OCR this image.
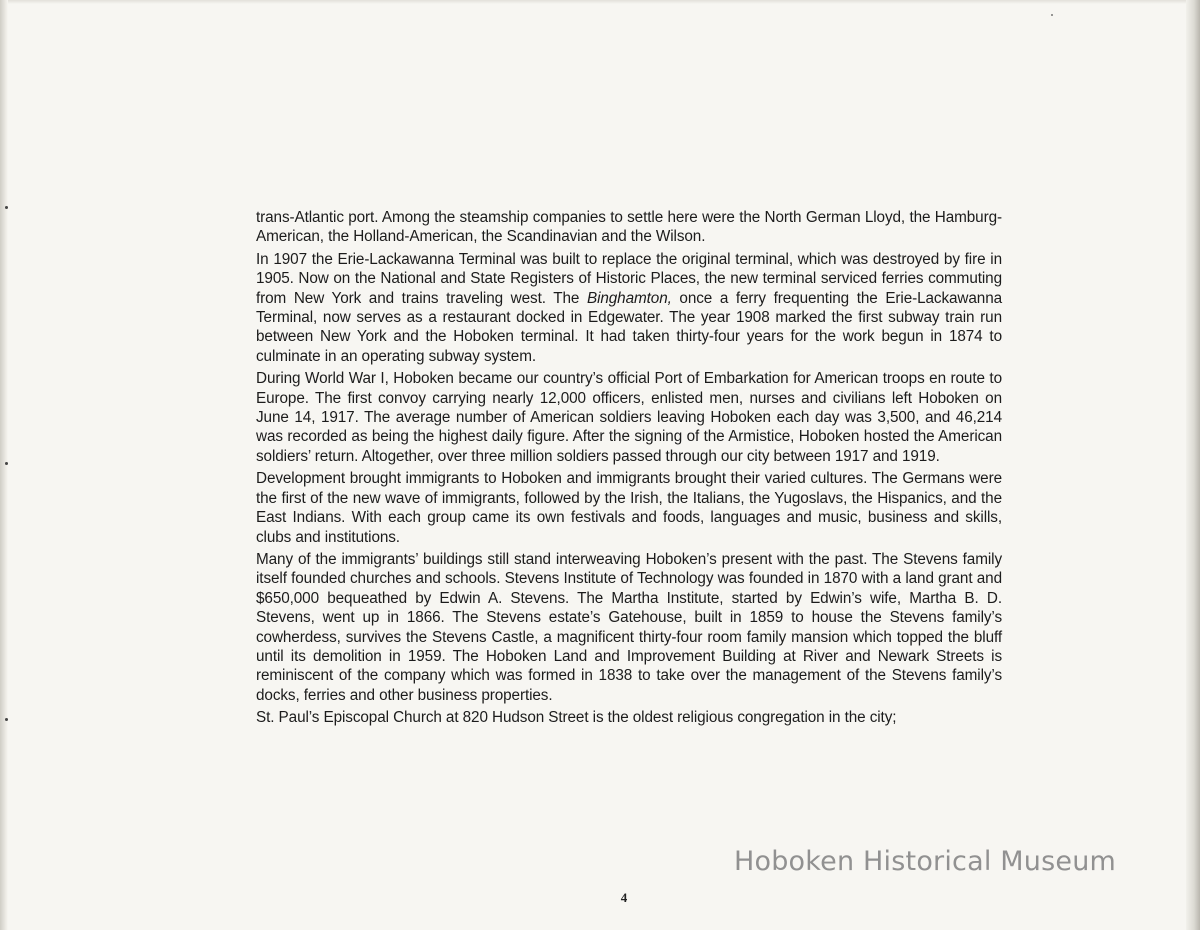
trans-Atlantic port. Among the steamship companies to settle here were the North German Lloyd, the Hamburg-American, the Holland-American, the Scandinavian and the Wilson.

In 1907 the Erie-Lackawanna Terminal was built to replace the original terminal, which was destroyed by fire in 1905. Now on the National and State Registers of Historic Places, the new terminal serviced ferries commuting from New York and trains traveling west. The Binghamton, once a ferry frequenting the Erie-Lackawanna Terminal, now serves as a restaurant docked in Edgewater. The year 1908 marked the first subway train run between New York and the Hoboken terminal. It had taken thirty-four years for the work begun in 1874 to culminate in an operating subway system.

During World War I, Hoboken became our country’s official Port of Embarkation for American troops en route to Europe. The first convoy carrying nearly 12,000 officers, enlisted men, nurses and civilians left Hoboken on June 14, 1917. The average number of American soldiers leaving Hoboken each day was 3,500, and 46,214 was recorded as being the highest daily figure. After the signing of the Armistice, Hoboken hosted the American soldiers’ return. Altogether, over three million soldiers passed through our city between 1917 and 1919.

Development brought immigrants to Hoboken and immigrants brought their varied cultures. The Germans were the first of the new wave of immigrants, followed by the Irish, the Italians, the Yugoslavs, the Hispanics, and the East Indians. With each group came its own festivals and foods, languages and music, business and skills, clubs and institutions.

Many of the immigrants’ buildings still stand interweaving Hoboken’s present with the past. The Stevens family itself founded churches and schools. Stevens Institute of Technology was founded in 1870 with a land grant and $650,000 bequeathed by Edwin A. Stevens. The Martha Institute, started by Edwin’s wife, Martha B. D. Stevens, went up in 1866. The Stevens estate’s Gatehouse, built in 1859 to house the Stevens family’s cowherdess, survives the Stevens Castle, a magnificent thirty-four room family mansion which topped the bluff until its demolition in 1959. The Hoboken Land and Improvement Building at River and Newark Streets is reminiscent of the company which was formed in 1838 to take over the management of the Stevens family’s docks, ferries and other business properties.

St. Paul’s Episcopal Church at 820 Hudson Street is the oldest religious congregation in the city;

Hoboken Historical Museum
4
